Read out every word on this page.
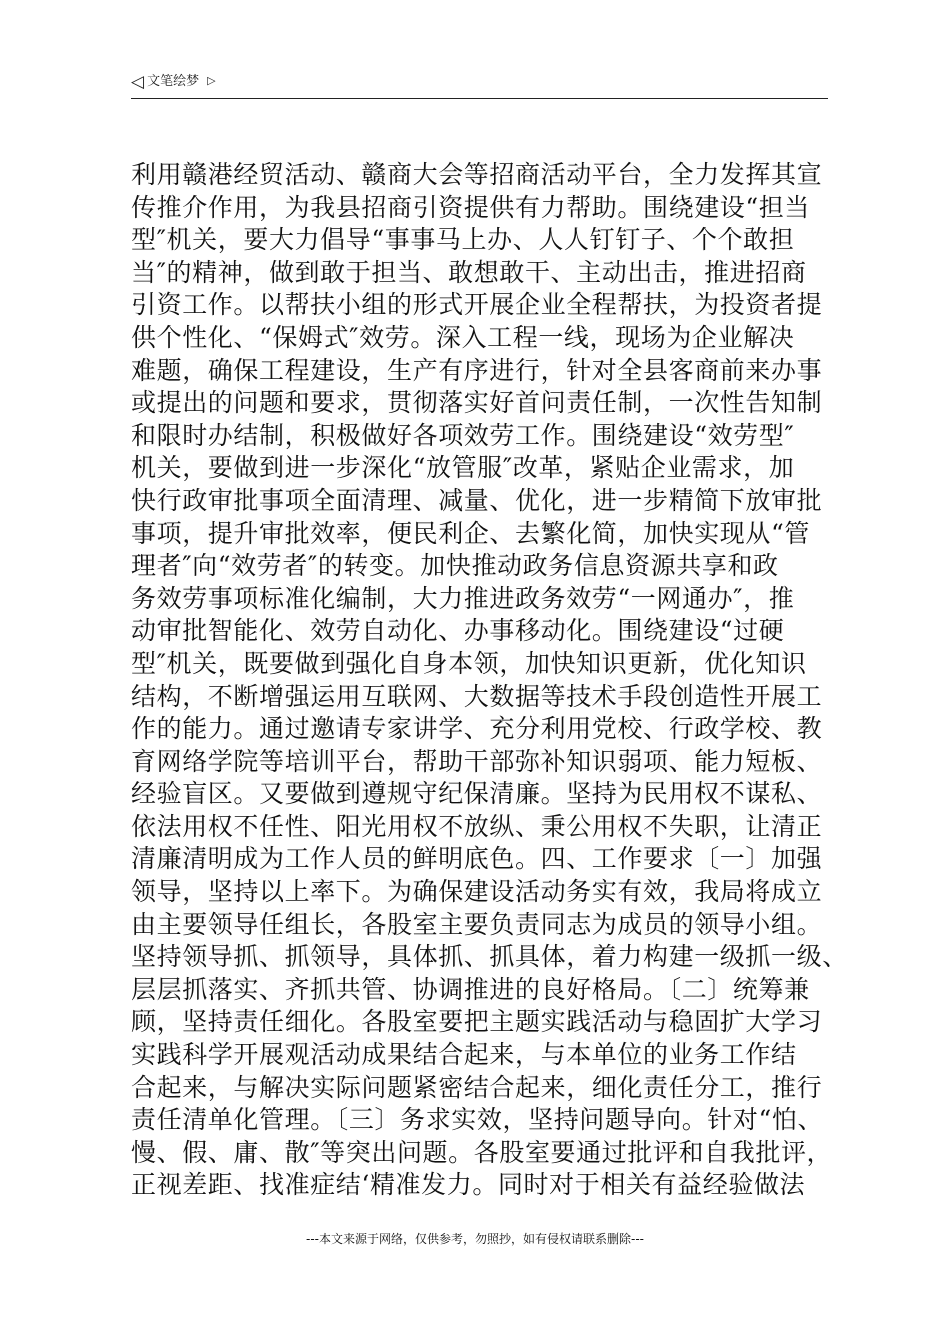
◁ 文笔绘梦 ▷
利用赣港经贸活动、赣商大会等招商活动平台，全力发挥其宣
传推介作用，为我县招商引资提供有力帮助。围绕建设“担当
型″机关，要大力倡导“事事马上办、人人钉钉子、个个敢担
当″的精神，做到敢于担当、敢想敢干、主动出击，推进招商
引资工作。以帮扶小组的形式开展企业全程帮扶，为投资者提
供个性化、“保姆式″效劳。深入工程一线，现场为企业解决
难题，确保工程建设，生产有序进行，针对全县客商前来办事
或提出的问题和要求，贯彻落实好首问责任制，一次性告知制
和限时办结制，积极做好各项效劳工作。围绕建设“效劳型″
机关，要做到进一步深化“放管服″改革，紧贴企业需求，加
快行政审批事项全面清理、减量、优化，进一步精简下放审批
事项，提升审批效率，便民利企、去繁化简，加快实现从“管
理者″向“效劳者″的转变。加快推动政务信息资源共享和政
务效劳事项标准化编制，大力推进政务效劳“一网通办″，推
动审批智能化、效劳自动化、办事移动化。围绕建设“过硬
型″机关，既要做到强化自身本领，加快知识更新，优化知识
结构，不断增强运用互联网、大数据等技术手段创造性开展工
作的能力。通过邀请专家讲学、充分利用党校、行政学校、教
育网络学院等培训平台，帮助干部弥补知识弱项、能力短板、
经验盲区。又要做到遵规守纪保清廉。坚持为民用权不谋私、
依法用权不任性、阳光用权不放纵、秉公用权不失职，让清正
清廉清明成为工作人员的鲜明底色。四、工作要求〔一〕加强
领导，坚持以上率下。为确保建设活动务实有效，我局将成立
由主要领导任组长，各股室主要负责同志为成员的领导小组。
坚持领导抓、抓领导，具体抓、抓具体，着力构建一级抓一级、
层层抓落实、齐抓共管、协调推进的良好格局。〔二〕统筹兼
顾，坚持责任细化。各股室要把主题实践活动与稳固扩大学习
实践科学开展观活动成果结合起来，与本单位的业务工作结
合起来，与解决实际问题紧密结合起来，细化责任分工，推行
责任清单化管理。〔三〕务求实效，坚持问题导向。针对“怕、
慢、假、庸、散″等突出问题。各股室要通过批评和自我批评，
正视差距、找准症结‘精准发力。同时对于相关有益经验做法
---本文来源于网络，仅供参考，勿照抄，如有侵权请联系删除---
